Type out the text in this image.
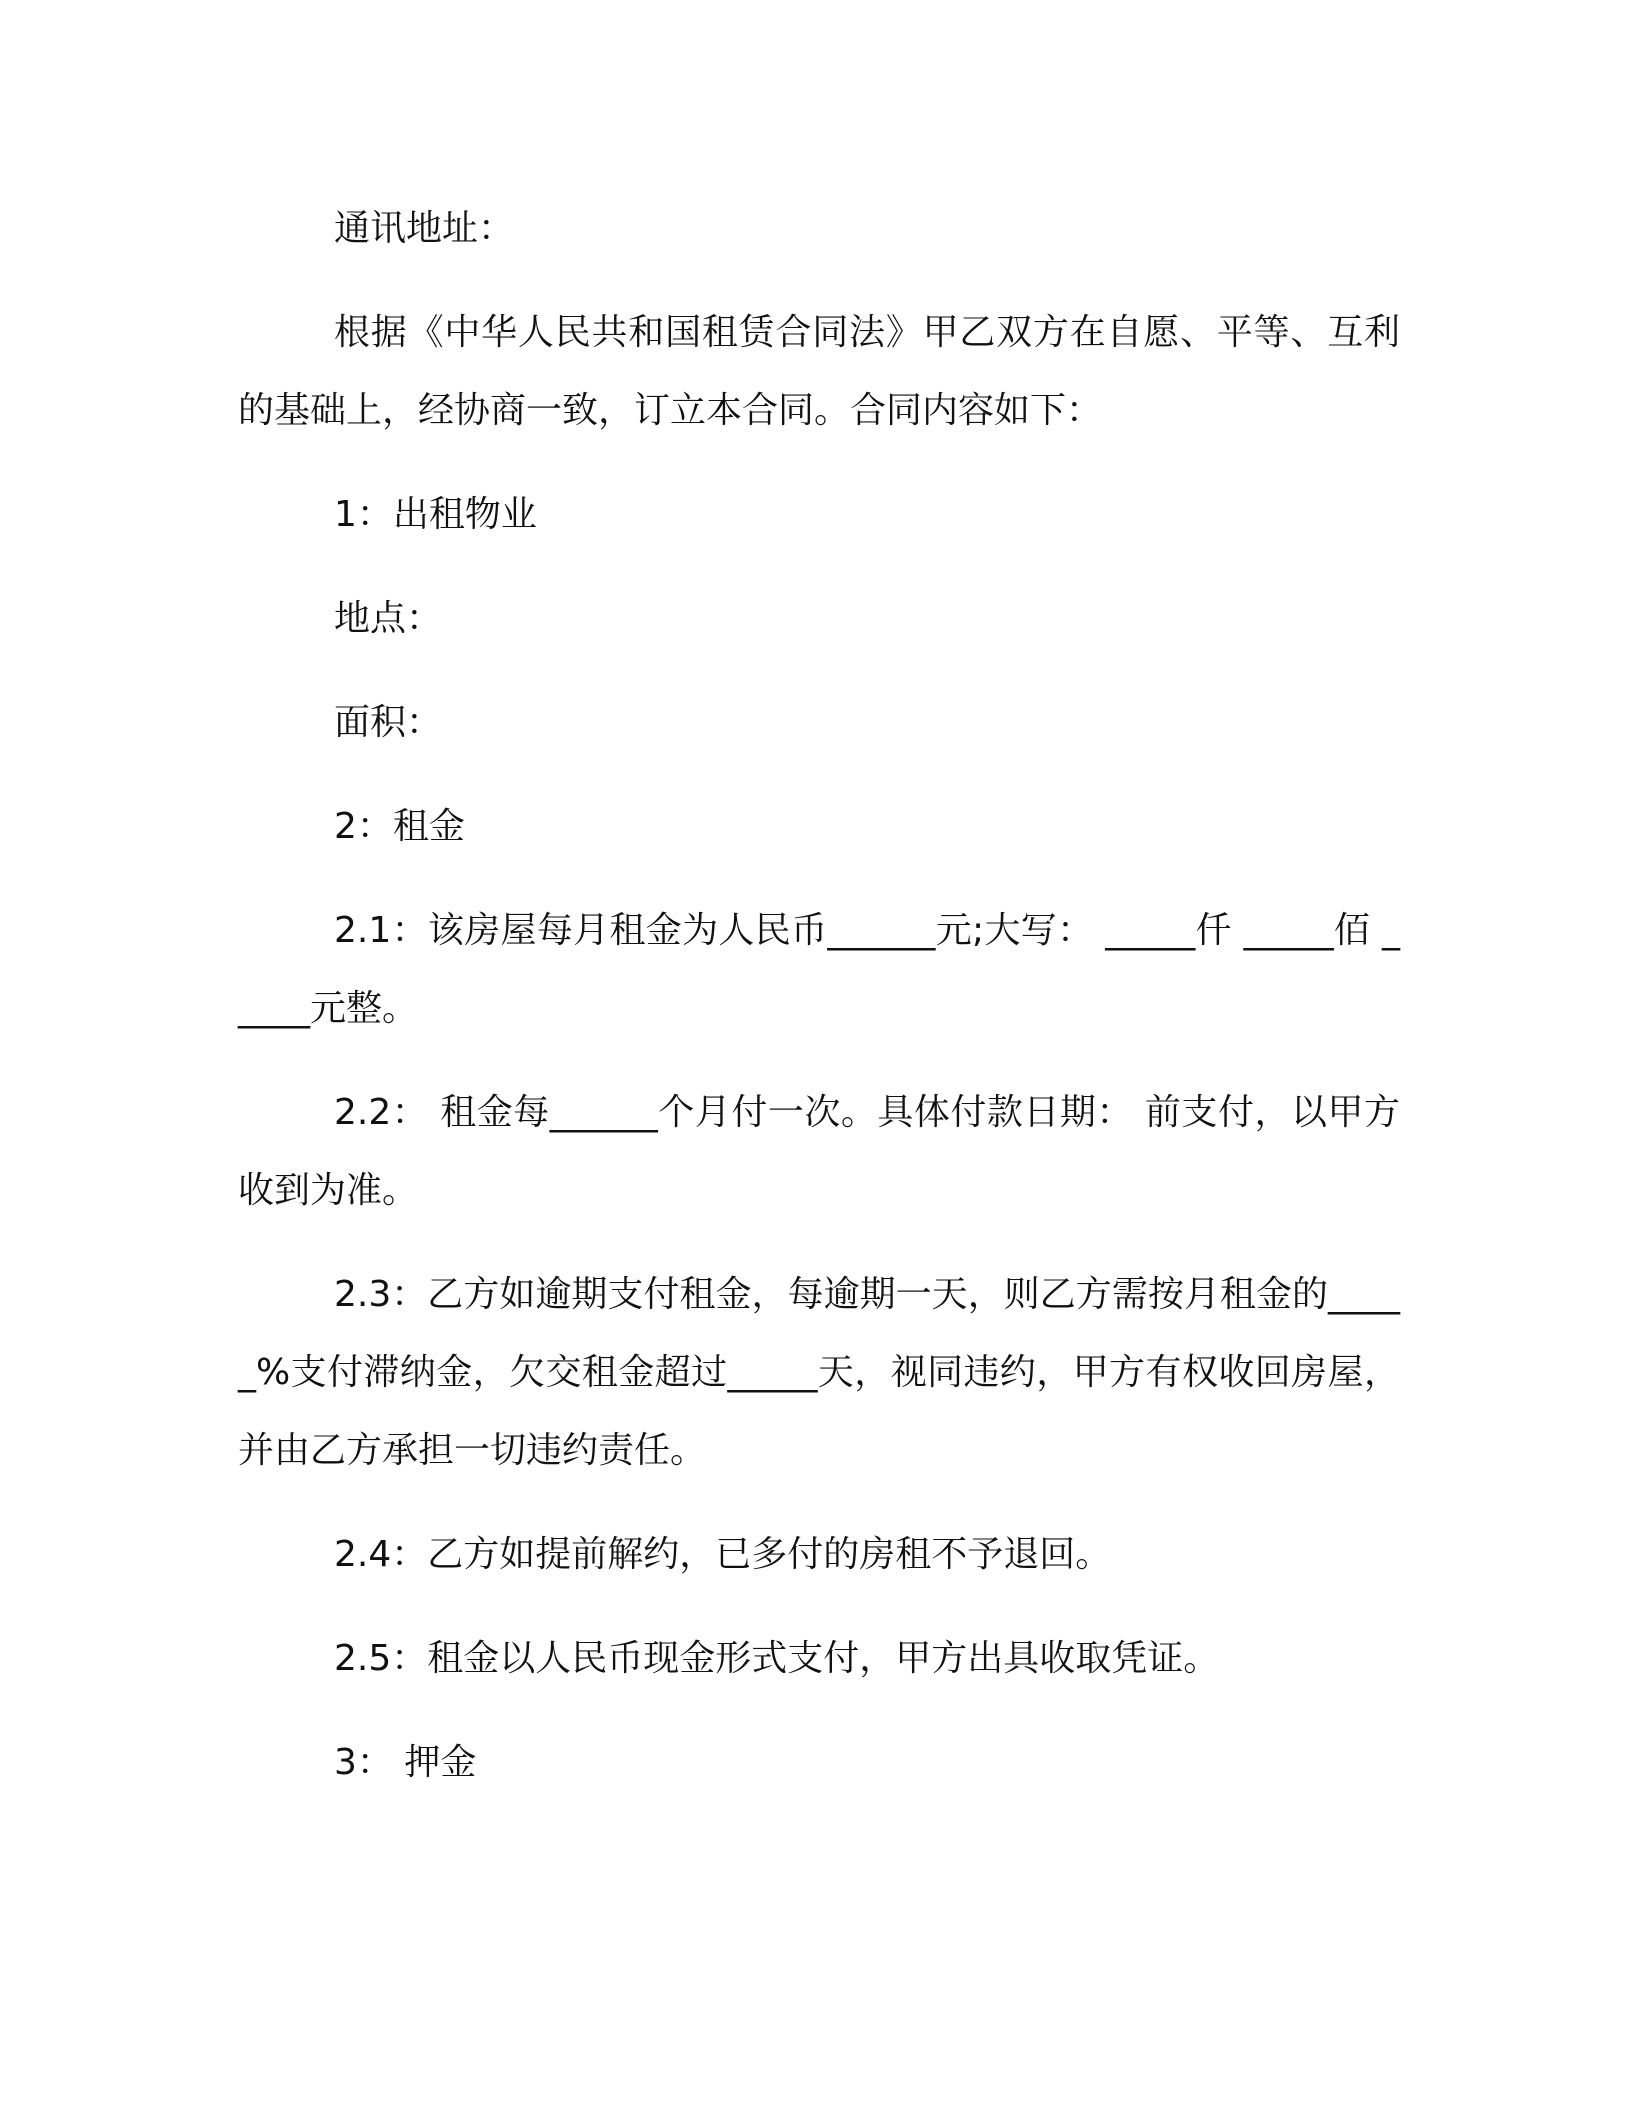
通讯地址：

根据《中华人民共和国租赁合同法》甲乙双方在自愿、平等、互利的基础上，经协商一致，订立本合同。合同内容如下：

1：出租物业

地点：

面积：

2：租金

2.1：该房屋每月租金为人民币______元;大写： _____仟 _____佰 _____元整。

2.2： 租金每______个月付一次。具体付款日期： 前支付，以甲方收到为准。

2.3：乙方如逾期支付租金，每逾期一天，则乙方需按月租金的_____%支付滞纳金，欠交租金超过_____天，视同违约，甲方有权收回房屋，并由乙方承担一切违约责任。

2.4：乙方如提前解约，已多付的房租不予退回。

2.5：租金以人民币现金形式支付，甲方出具收取凭证。

3： 押金
